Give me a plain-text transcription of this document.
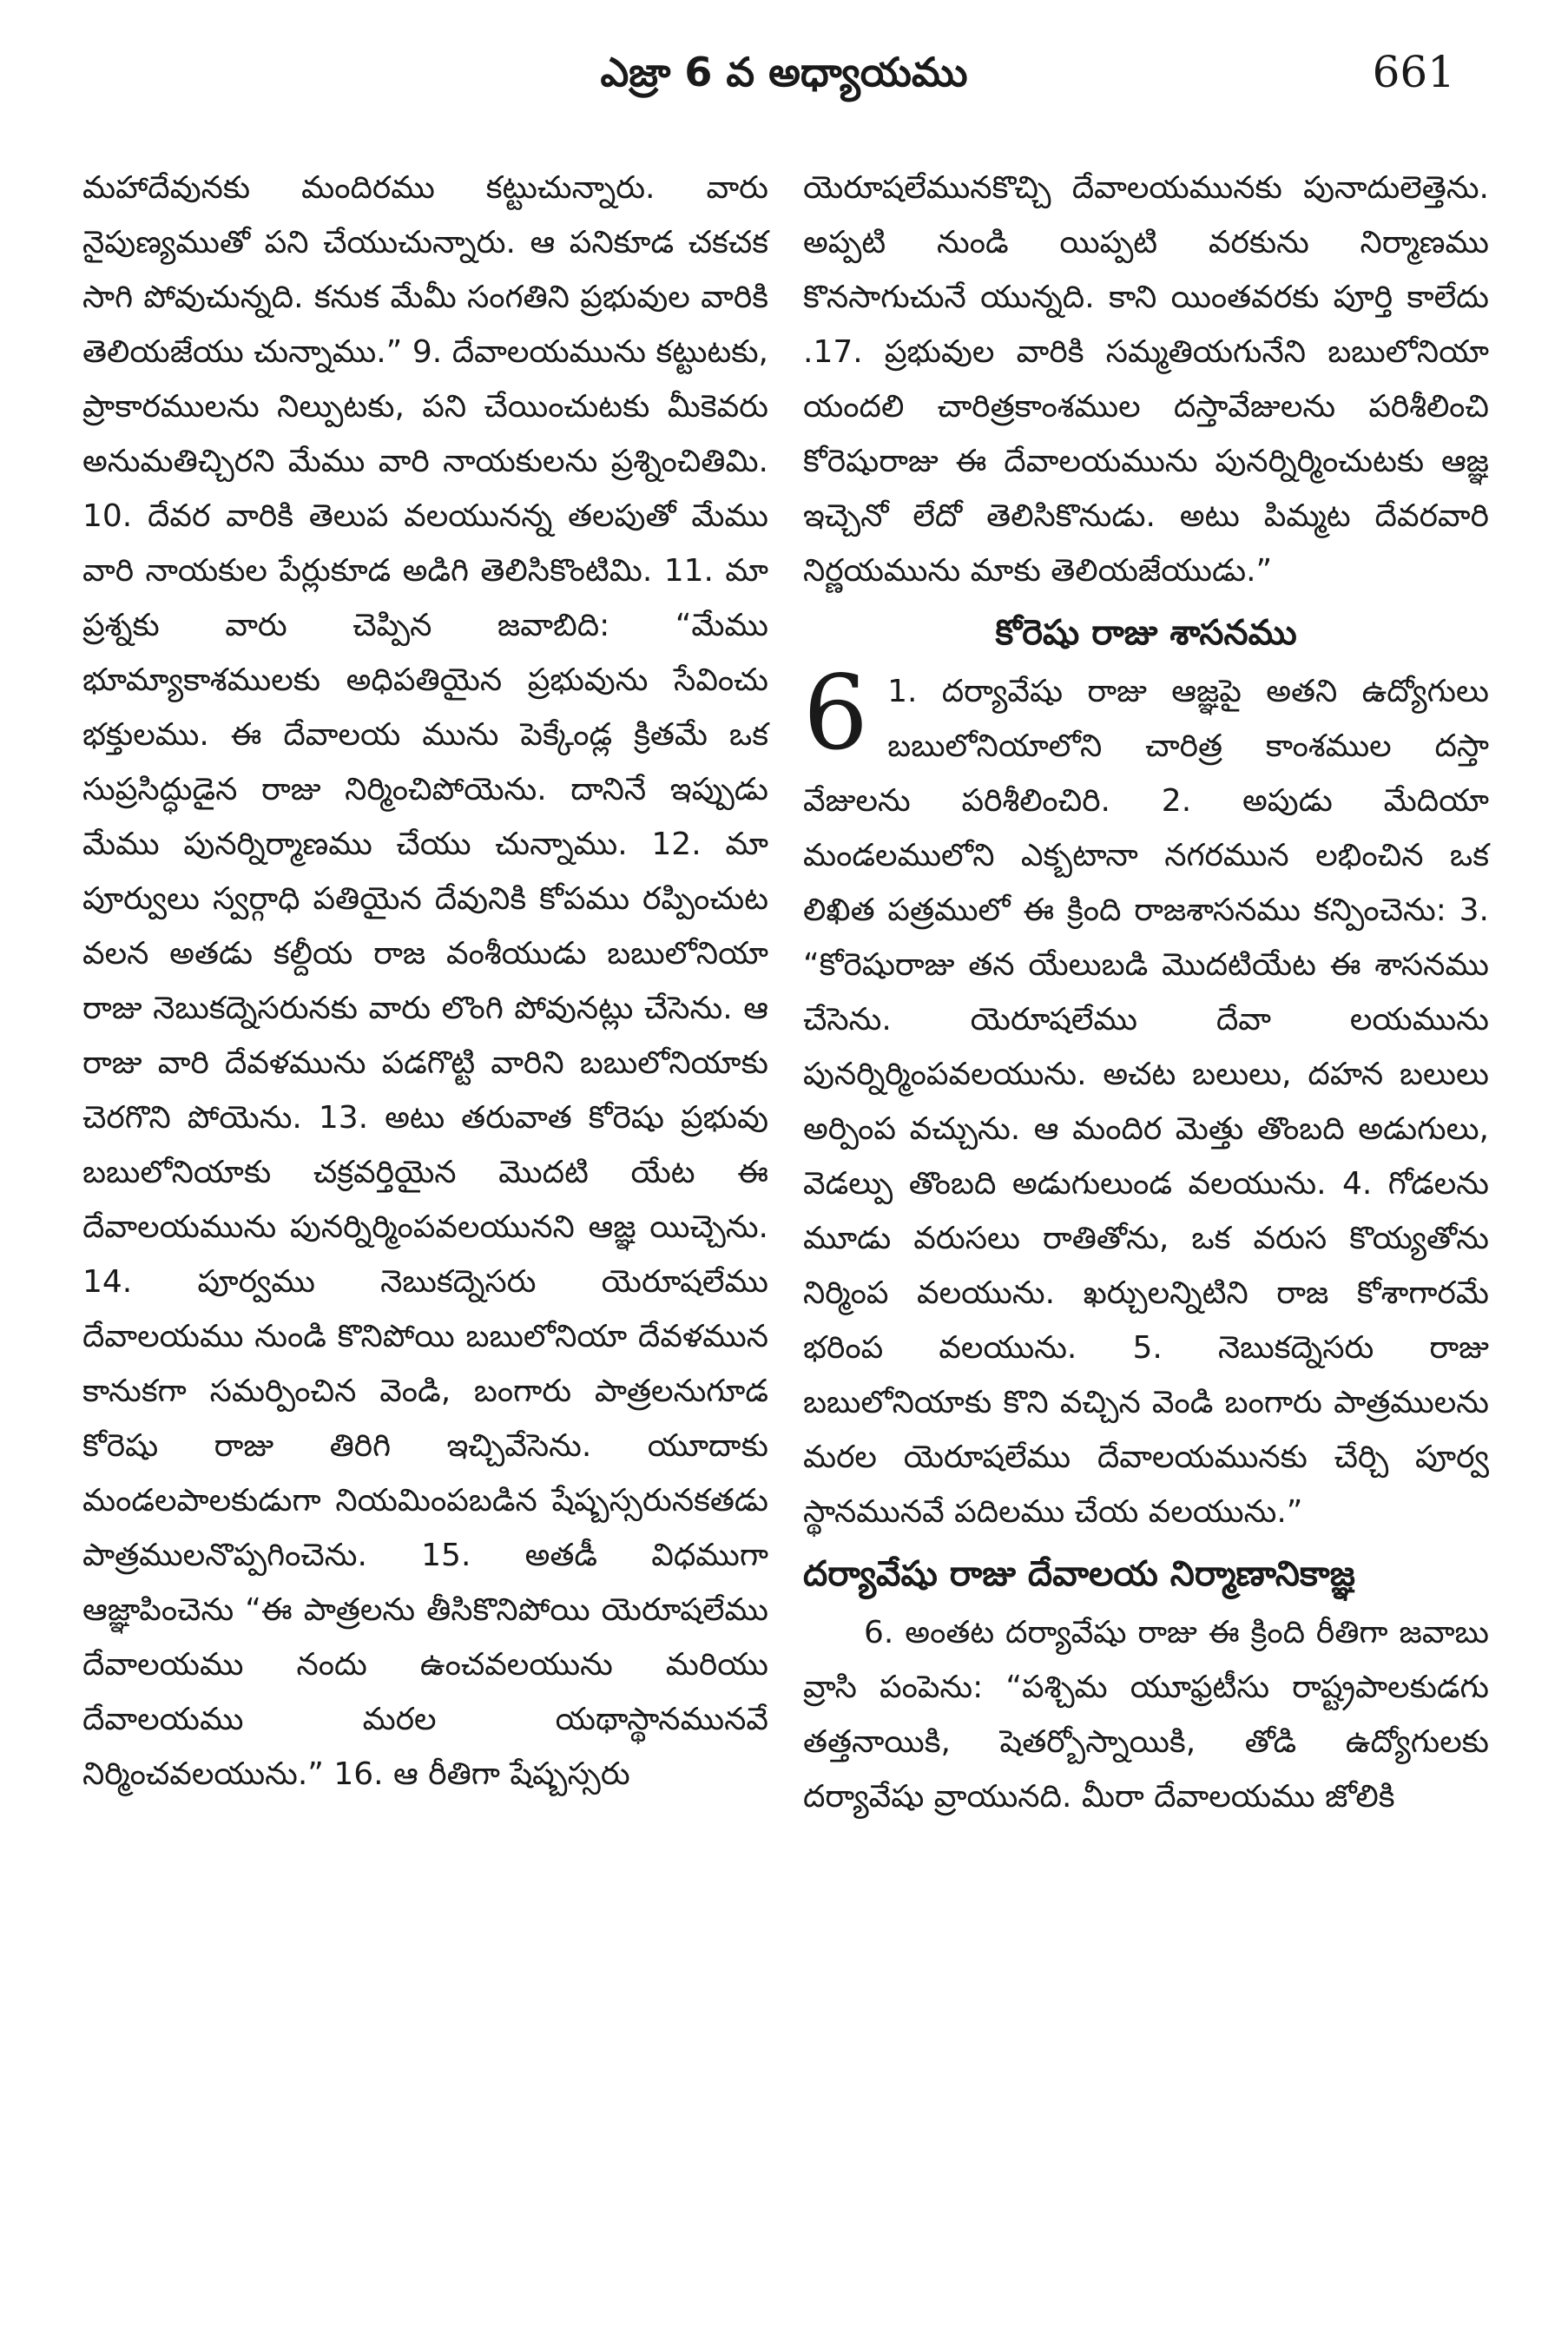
ఎజ్రా 6 వ అధ్యాయము	661

మహాదేవునకు మందిరము కట్టుచున్నారు. వారు నైపుణ్యముతో పని చేయుచున్నారు. ఆ పనికూడ చకచక సాగి పోవుచున్నది. కనుక మేమీ సంగతిని ప్రభువుల వారికి తెలియజేయు చున్నాము.” 9. దేవాలయమును కట్టుటకు, ప్రాకారములను నిల్పుటకు, పని చేయించుటకు మీకెవరు అనుమతిచ్చిరని మేము వారి నాయకులను ప్రశ్నించితిమి. 10. దేవర వారికి తెలుప వలయునన్న తలపుతో మేము వారి నాయకుల పేర్లుకూడ అడిగి తెలిసికొంటిమి. 11. మా ప్రశ్నకు వారు చెప్పిన జవాబిది: “మేము భూమ్యాకాశములకు అధిపతియైన ప్రభువును సేవించు భక్తులము. ఈ దేవాలయ మును పెక్కేండ్ల క్రితమే ఒక సుప్రసిద్ధుడైన రాజు నిర్మించిపోయెను. దానినే ఇప్పుడు మేము పునర్నిర్మాణము చేయు చున్నాము. 12. మా పూర్వులు స్వర్గాధి పతియైన దేవునికి కోపము రప్పించుట వలన అతడు కల్దీయ రాజ వంశీయుడు బబులోనియా రాజు నెబుకద్నెసరునకు వారు లొంగి పోవునట్లు చేసెను. ఆ రాజు వారి దేవళమును పడగొట్టి వారిని బబులోనియాకు చెరగొని పోయెను. 13. అటు తరువాత కోరెషు ప్రభువు బబులోనియాకు చక్రవర్తియైన మొదటి యేట ఈ దేవాలయమును పునర్నిర్మింపవలయునని ఆజ్ఞ యిచ్చెను. 14. పూర్వము నెబుకద్నెసరు యెరూషలేము దేవాలయము నుండి కొనిపోయి బబులోనియా దేవళమున కానుకగా సమర్పించిన వెండి, బంగారు పాత్రలనుగూడ కోరెషు రాజు తిరిగి ఇచ్చివేసెను. యూదాకు మండలపాలకుడుగా నియమింపబడిన షేష్బస్సరునకతడు పాత్రములనొప్పగించెను. 15. అతడీ విధముగా ఆజ్ఞాపించెను “ఈ పాత్రలను తీసికొనిపోయి యెరూషలేము దేవాలయము నందు ఉంచవలయును మరియు దేవాలయము మరల యథాస్థానమునవే నిర్మించవలయును.” 16. ఆ రీతిగా షేష్బస్సరు

యెరూషలేమునకొచ్చి దేవాలయమునకు పునాదులెత్తెను. అప్పటి నుండి యిప్పటి వరకును నిర్మాణము కొనసాగుచునే యున్నది. కాని యింతవరకు పూర్తి కాలేదు .17. ప్రభువుల వారికి సమ్మతియగునేని బబులోనియా యందలి చారిత్రకాంశముల దస్తావేజులను పరిశీలించి కోరెషురాజు ఈ దేవాలయమును పునర్నిర్మించుటకు ఆజ్ఞ ఇచ్చెనో లేదో తెలిసికొనుడు. అటు పిమ్మట దేవరవారి నిర్ణయమును మాకు తెలియజేయుడు.”

కోరెషు రాజు శాసనము

6 1. దర్యావేషు రాజు ఆజ్ఞపై అతని ఉద్యోగులు బబులోనియాలోని చారిత్ర కాంశముల దస్తా వేజులను పరిశీలించిరి. 2. అపుడు మేదియా మండలములోని ఎక్బటానా నగరమున లభించిన ఒక లిఖిత పత్రములో ఈ క్రింది రాజశాసనము కన్పించెను: 3. “కోరెషురాజు తన యేలుబడి మొదటియేట ఈ శాసనము చేసెను. యెరూషలేము దేవా లయమును పునర్నిర్మింపవలయును. అచట బలులు, దహన బలులు అర్పింప వచ్చును. ఆ మందిర మెత్తు తొంబది అడుగులు, వెడల్పు తొంబది అడుగులుండ వలయును. 4. గోడలను మూడు వరుసలు రాతితోను, ఒక వరుస కొయ్యతోను నిర్మింప వలయును. ఖర్చులన్నిటిని రాజ కోశాగారమే భరింప వలయును. 5. నెబుకద్నెసరు రాజు బబులోనియాకు కొని వచ్చిన వెండి బంగారు పాత్రములను మరల యెరూషలేము దేవాలయమునకు చేర్చి పూర్వ స్థానమునవే పదిలము చేయ వలయును.”

దర్యావేషు రాజు దేవాలయ నిర్మాణానికాజ్ఞ

6. అంతట దర్యావేషు రాజు ఈ క్రింది రీతిగా జవాబు వ్రాసి పంపెను: “పశ్చిమ యూఫ్రటీసు రాష్ట్రపాలకుడగు తత్తనాయికి, షెతర్బోస్నాయికి, తోడి ఉద్యోగులకు దర్యావేషు వ్రాయునది. మీరా దేవాలయము జోలికి
